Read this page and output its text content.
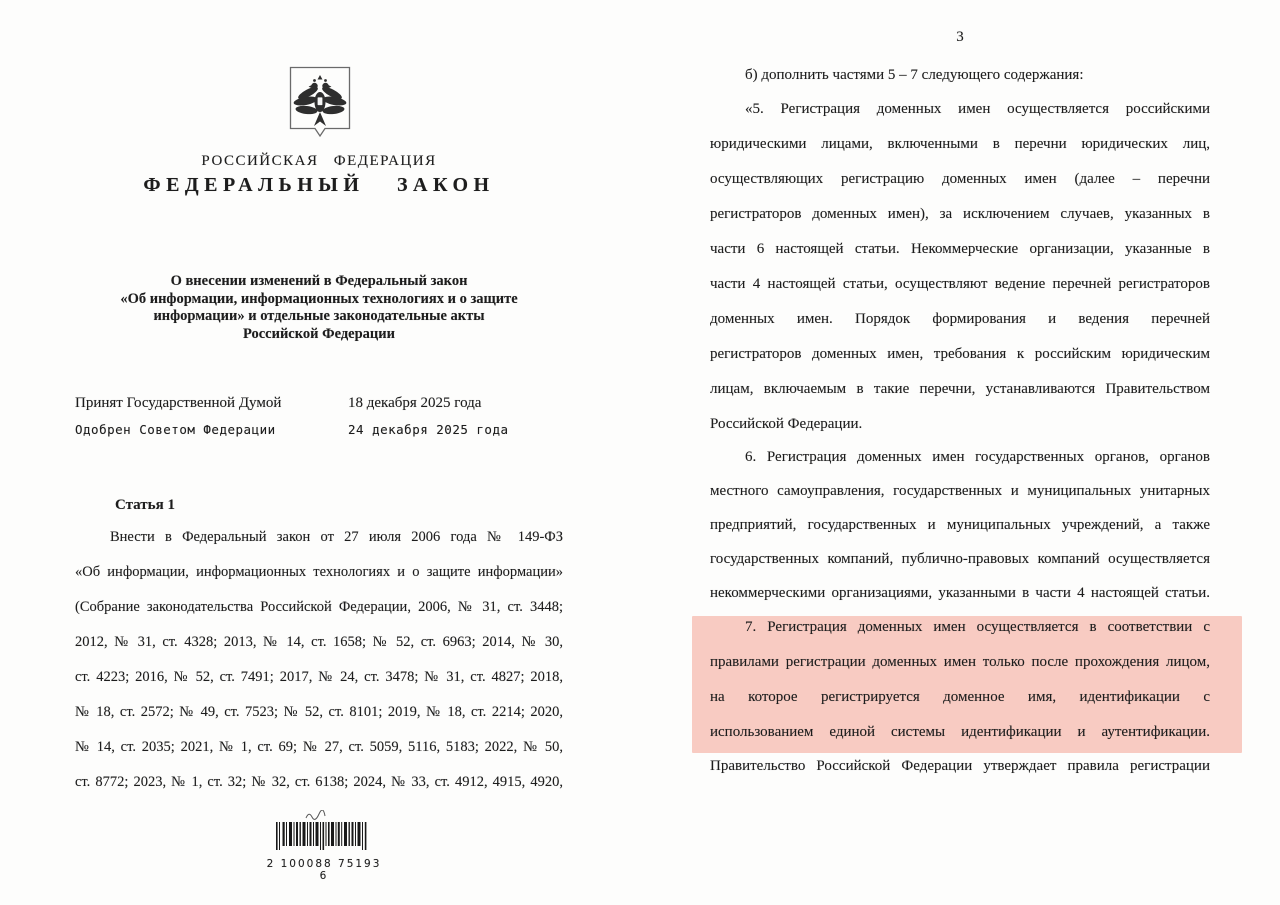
РОССИЙСКАЯ ФЕДЕРАЦИЯ
ФЕДЕРАЛЬНЫЙ ЗАКОН
О внесении изменений в Федеральный закон
«Об информации, информационных технологиях и о защите
информации» и отдельные законодательные акты
Российской Федерации
Принят Государственной Думой	18 декабря 2025 года
Одобрен Советом Федерации	24 декабря 2025 года
Статья 1
Внести в Федеральный закон от 27 июля 2006 года № 149-ФЗ
«Об информации, информационных технологиях и о защите информации»
(Собрание законодательства Российской Федерации, 2006, № 31, ст. 3448;
2012, № 31, ст. 4328; 2013, № 14, ст. 1658; № 52, ст. 6963; 2014, № 30,
ст. 4223; 2016, № 52, ст. 7491; 2017, № 24, ст. 3478; № 31, ст. 4827; 2018,
№ 18, ст. 2572; № 49, ст. 7523; № 52, ст. 8101; 2019, № 18, ст. 2214; 2020,
№ 14, ст. 2035; 2021, № 1, ст. 69; № 27, ст. 5059, 5116, 5183; 2022, № 50,
ст. 8772; 2023, № 1, ст. 32; № 32, ст. 6138; 2024, № 33, ст. 4912, 4915, 4920,
2 100088 75193 6
3
б) дополнить частями 5 – 7 следующего содержания:
«5. Регистрация доменных имен осуществляется российскими
юридическими лицами, включенными в перечни юридических лиц,
осуществляющих регистрацию доменных имен (далее – перечни
регистраторов доменных имен), за исключением случаев, указанных в
части 6 настоящей статьи. Некоммерческие организации, указанные в
части 4 настоящей статьи, осуществляют ведение перечней регистраторов
доменных имен. Порядок формирования и ведения перечней
регистраторов доменных имен, требования к российским юридическим
лицам, включаемым в такие перечни, устанавливаются Правительством
Российской Федерации.
6. Регистрация доменных имен государственных органов, органов
местного самоуправления, государственных и муниципальных унитарных
предприятий, государственных и муниципальных учреждений, а также
государственных компаний, публично-правовых компаний осуществляется
некоммерческими организациями, указанными в части 4 настоящей статьи.
7. Регистрация доменных имен осуществляется в соответствии с
правилами регистрации доменных имен только после прохождения лицом,
на которое регистрируется доменное имя, идентификации с
использованием единой системы идентификации и аутентификации.
Правительство Российской Федерации утверждает правила регистрации
